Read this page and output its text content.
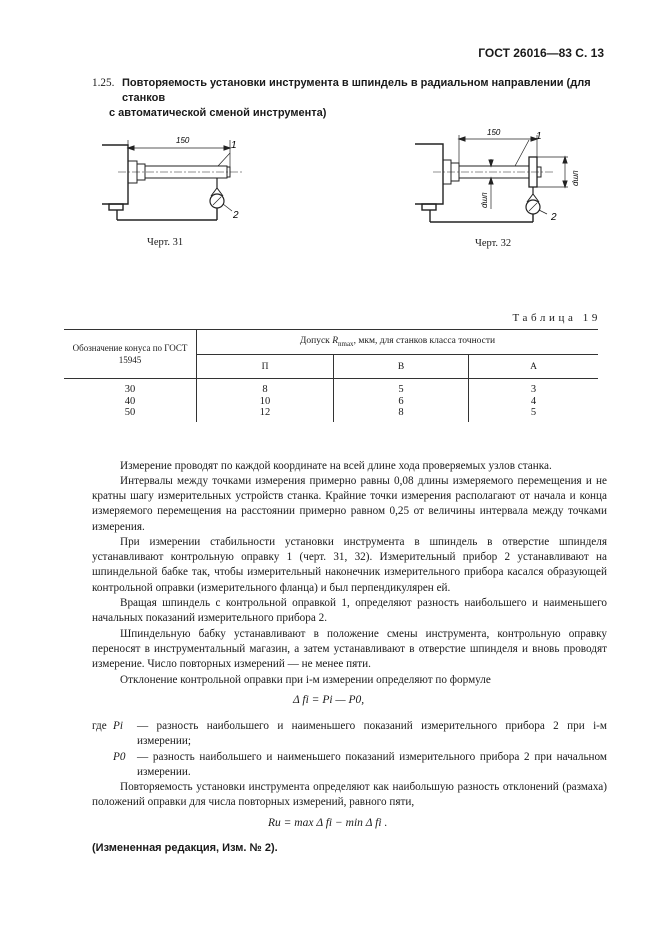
ГОСТ 26016—83 С. 13
1.25. Повторяемость установки инструмента в шпиндель в радиальном направлении (для станков
с автоматической сменой инструмента)
150	1
2
Черт. 31
150	1
2
dшп
dшп
Черт. 32
Таблица 19
Обозначение конуса по ГОСТ 15945	Допуск $R_{nmax}$, мкм, для станков класса точности		
	П	В	А
30	8	5	3
40	10	6	4
50	12	8	5
Измерение проводят по каждой координате на всей длине хода проверяемых узлов станка.
Интервалы между точками измерения примерно равны 0,08 длины измеряемого перемещения и не кратны шагу измерительных устройств станка. Крайние точки измерения располагают от начала и конца измеряемого перемещения на расстоянии примерно равном 0,25 от величины интервала между точками измерения.
При измерении стабильности установки инструмента в шпиндель в отверстие шпинделя устанавливают контрольную оправку 1 (черт. 31, 32). Измерительный прибор 2 устанавливают на шпиндельной бабке так, чтобы измерительный наконечник измерительного прибора касался образующей контрольной оправки (измерительного фланца) и был перпендикулярен ей.
Вращая шпиндель с контрольной оправкой 1, определяют разность наибольшего и наименьшего начальных показаний измерительного прибора 2.
Шпиндельную бабку устанавливают в положение смены инструмента, контрольную оправку переносят в инструментальный магазин, а затем устанавливают в отверстие шпинделя и вновь проводят измерение. Число повторных измерений — не менее пяти.
Отклонение контрольной оправки при i-м измерении определяют по формуле
Δ fi = Pi — P0,
где Pi — разность наибольшего и наименьшего показаний измерительного прибора 2 при i-м измерении;
P0 — разность наибольшего и наименьшего показаний измерительного прибора 2 при начальном измерении.
Повторяемость установки инструмента определяют как наибольшую разность отклонений (размаха) положений оправки для числа повторных измерений, равного пяти,
Rи = max Δ fi − min Δ fi .
(Измененная редакция, Изм. № 2).
